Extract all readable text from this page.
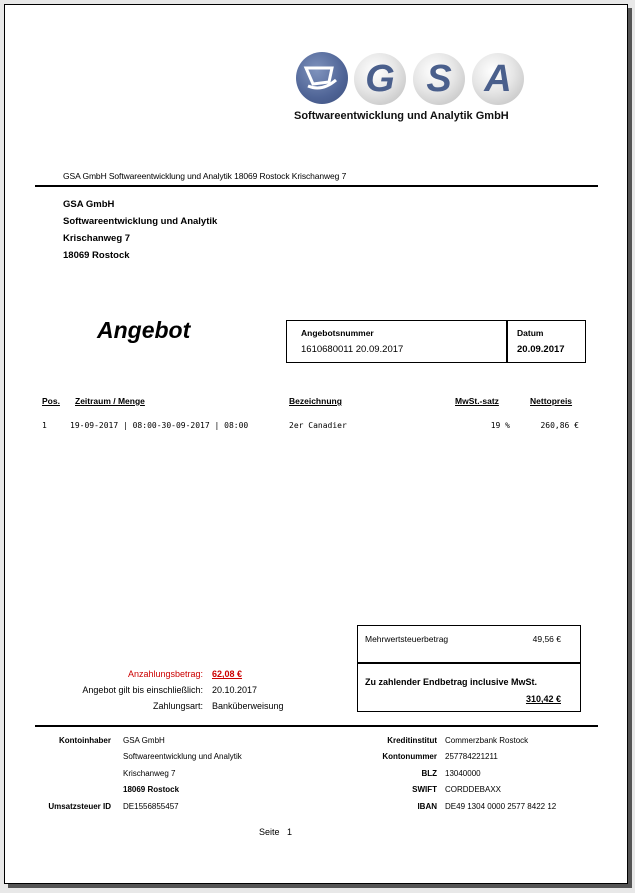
G S A
Softwareentwicklung und Analytik GmbH
GSA GmbH Softwareentwicklung und Analytik 18069 Rostock Krischanweg 7
GSA GmbH
Softwareentwicklung und Analytik
Krischanweg 7
18069 Rostock
Angebot	Angebotsnummer
1610680011 20.09.2017
Datum
20.09.2017
Pos. Zeitraum / Menge	Bezeichnung	MwSt.-satz	Nettopreis
1	19-09-2017 | 08:00-30-09-2017 | 08:00	2er Canadier	19 %	260,86 €
Mehrwertsteuerbetrag	49,56 €
Zu zahlender Endbetrag inclusive MwSt.
310,42 €
Anzahlungsbetrag: 62,08 €
Angebot gilt bis einschließlich: 20.10.2017
Zahlungsart: Banküberweisung
Kontoinhaber GSA GmbH
Softwareentwicklung und Analytik
Krischanweg 7
18069 Rostock
Umsatzsteuer ID DE1556855457
Kreditinstitut Commerzbank Rostock
Kontonummer 257784221211
BLZ 13040000
SWIFT CORDDEBAXX
IBAN DE49 1304 0000 2577 8422 12
Seite 1
